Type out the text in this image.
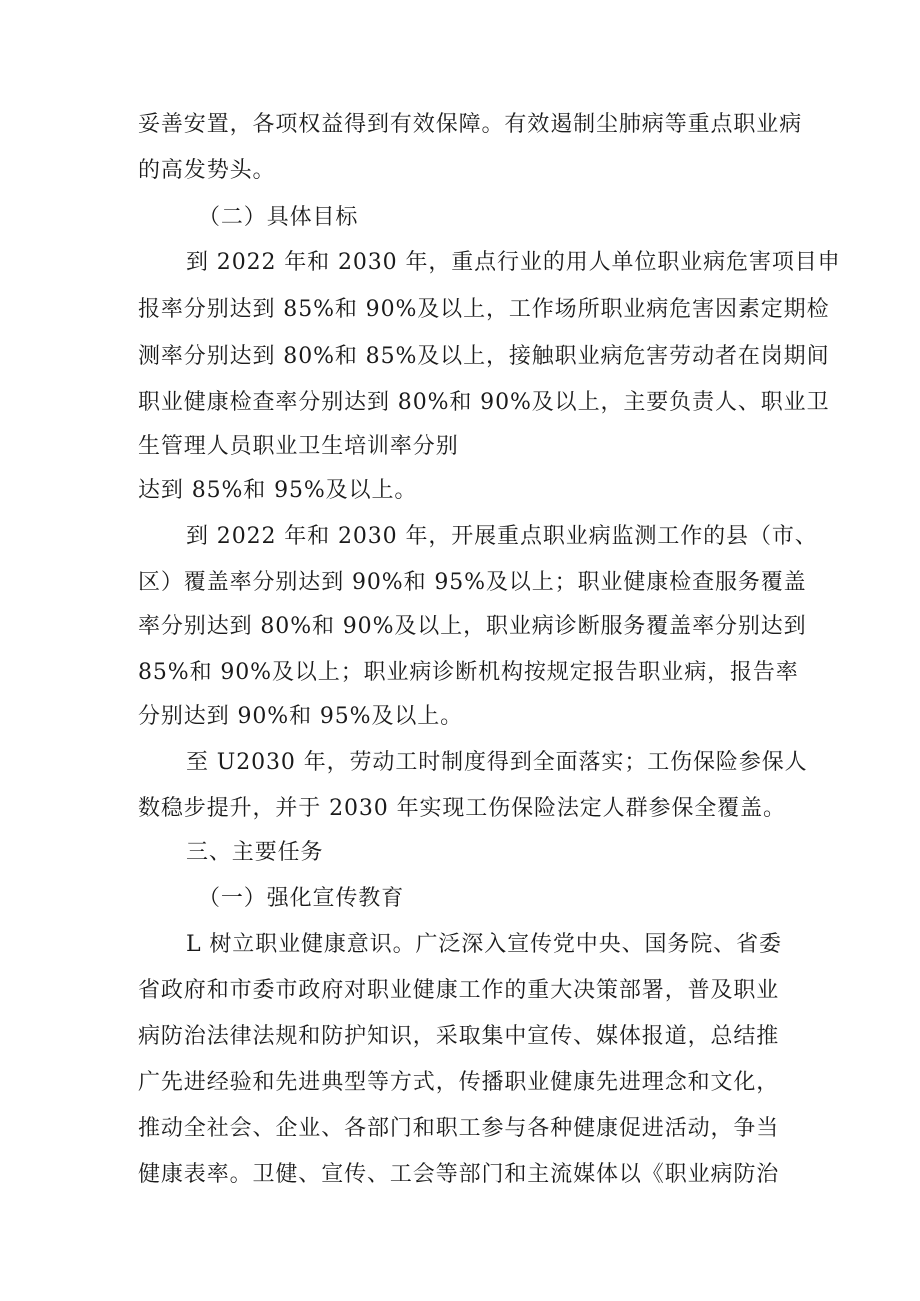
妥善安置，各项权益得到有效保障。有效遏制尘肺病等重点职业病

的高发势头。

（二）具体目标

到 2022 年和 2030 年，重点行业的用人单位职业病危害项目申

报率分别达到 85%和 90%及以上，工作场所职业病危害因素定期检

测率分别达到 80%和 85%及以上，接触职业病危害劳动者在岗期间

职业健康检查率分别达到 80%和 90%及以上，主要负责人、职业卫

生管理人员职业卫生培训率分别

达到 85%和 95%及以上。

到 2022 年和 2030 年，开展重点职业病监测工作的县（市、

区）覆盖率分别达到 90%和 95%及以上；职业健康检查服务覆盖

率分别达到 80%和 90%及以上，职业病诊断服务覆盖率分别达到

85%和 90%及以上；职业病诊断机构按规定报告职业病，报告率

分别达到 90%和 95%及以上。

至 U2030 年，劳动工时制度得到全面落实；工伤保险参保人

数稳步提升，并于 2030 年实现工伤保险法定人群参保全覆盖。

三、主要任务

（一）强化宣传教育

L 树立职业健康意识。广泛深入宣传党中央、国务院、省委

省政府和市委市政府对职业健康工作的重大决策部署，普及职业

病防治法律法规和防护知识，采取集中宣传、媒体报道，总结推

广先进经验和先进典型等方式，传播职业健康先进理念和文化，

推动全社会、企业、各部门和职工参与各种健康促进活动，争当

健康表率。卫健、宣传、工会等部门和主流媒体以《职业病防治
